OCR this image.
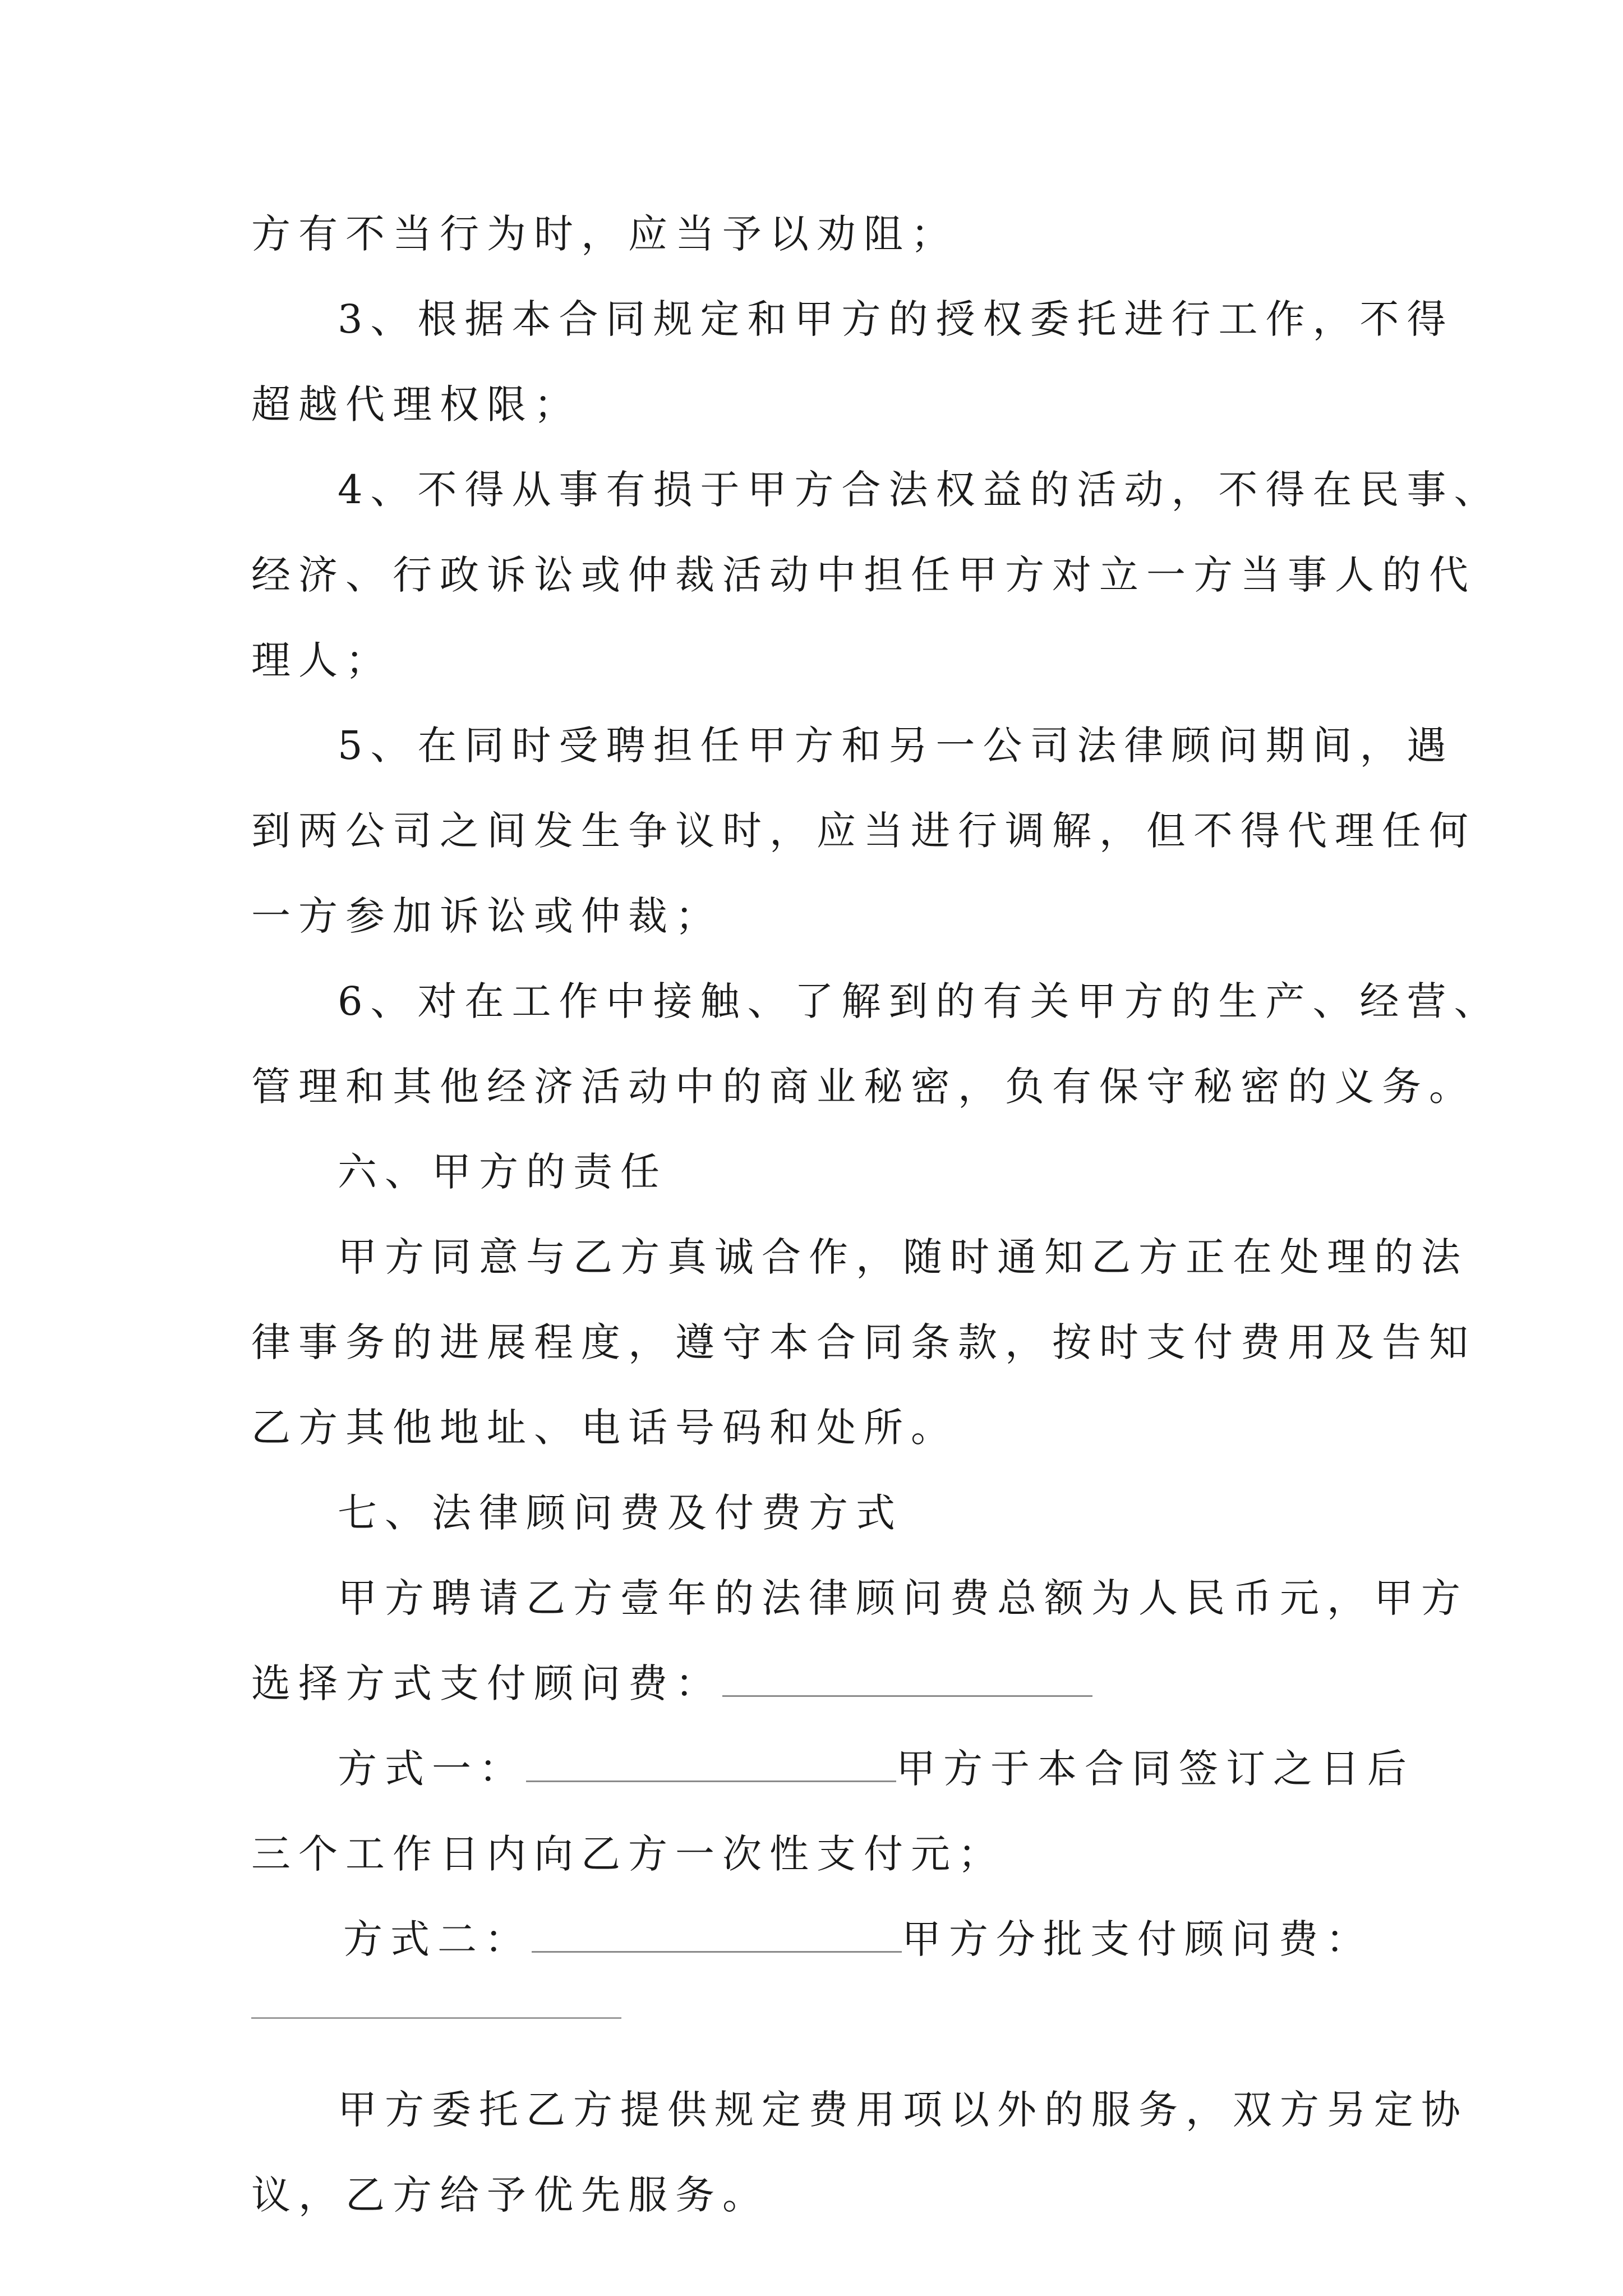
方有不当行为时，应当予以劝阻；
3、根据本合同规定和甲方的授权委托进行工作，不得
超越代理权限；
4、不得从事有损于甲方合法权益的活动，不得在民事、
经济、行政诉讼或仲裁活动中担任甲方对立一方当事人的代
理人；
5、在同时受聘担任甲方和另一公司法律顾问期间，遇
到两公司之间发生争议时，应当进行调解，但不得代理任何
一方参加诉讼或仲裁；
6、对在工作中接触、了解到的有关甲方的生产、经营、
管理和其他经济活动中的商业秘密，负有保守秘密的义务。
六、甲方的责任
甲方同意与乙方真诚合作，随时通知乙方正在处理的法
律事务的进展程度，遵守本合同条款，按时支付费用及告知
乙方其他地址、电话号码和处所。
七、法律顾问费及付费方式
甲方聘请乙方壹年的法律顾问费总额为人民币元，甲方
选择方式支付顾问费：
方式一：	甲方于本合同签订之日后
三个工作日内向乙方一次性支付元；
方式二：	甲方分批支付顾问费：
甲方委托乙方提供规定费用项以外的服务，双方另定协
议，乙方给予优先服务。
